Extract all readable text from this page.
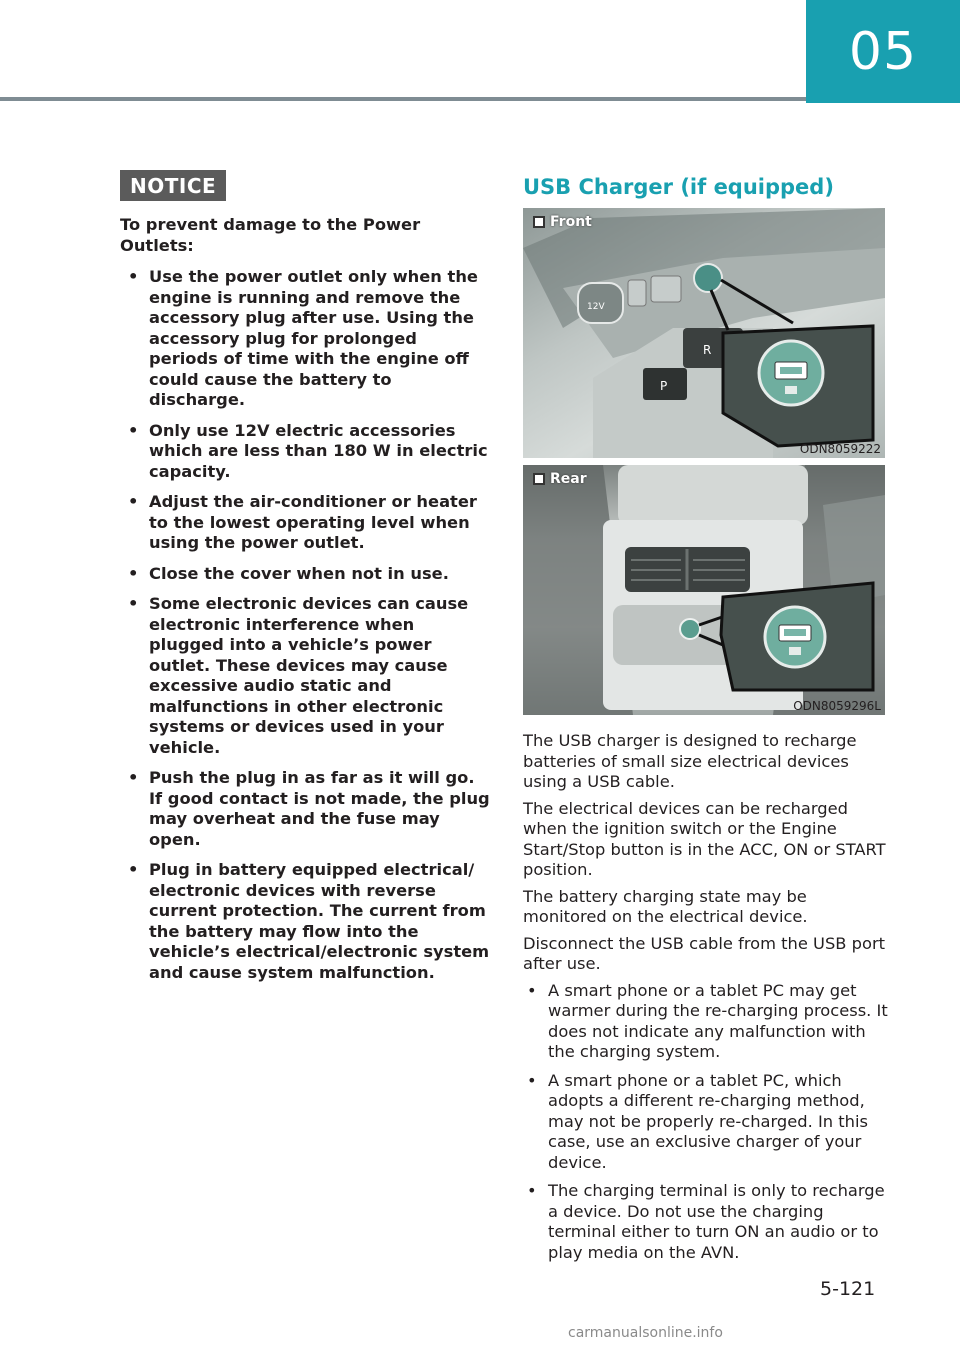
05
NOTICE

To prevent damage to the Power Outlets:

• Use the power outlet only when the engine is running and remove the accessory plug after use. Using the accessory plug for prolonged periods of time with the engine off could cause the battery to discharge.
• Only use 12V electric accessories which are less than 180 W in electric capacity.
• Adjust the air-conditioner or heater to the lowest operating level when using the power outlet.
• Close the cover when not in use.
• Some electronic devices can cause electronic interference when plugged into a vehicle’s power outlet. These devices may cause excessive audio static and malfunctions in other electronic systems or devices used in your vehicle.
• Push the plug in as far as it will go. If good contact is not made, the plug may overheat and the fuse may open.
• Plug in battery equipped electrical/ electronic devices with reverse current protection. The current from the battery may flow into the vehicle’s electrical/electronic system and cause system malfunction.
USB Charger (if equipped)
12V
P
R
Front
ODN8059222
Rear
ODN8059296L

The USB charger is designed to recharge batteries of small size electrical devices using a USB cable.

The electrical devices can be recharged when the ignition switch or the Engine Start/Stop button is in the ACC, ON or START position.

The battery charging state may be monitored on the electrical device.

Disconnect the USB cable from the USB port after use.

• A smart phone or a tablet PC may get warmer during the re-charging process. It does not indicate any malfunction with the charging system.
• A smart phone or a tablet PC, which adopts a different re-charging method, may not be properly re-charged. In this case, use an exclusive charger of your device.
• The charging terminal is only to recharge a device. Do not use the charging terminal either to turn ON an audio or to play media on the AVN.
5-121
carmanualsonline.info
